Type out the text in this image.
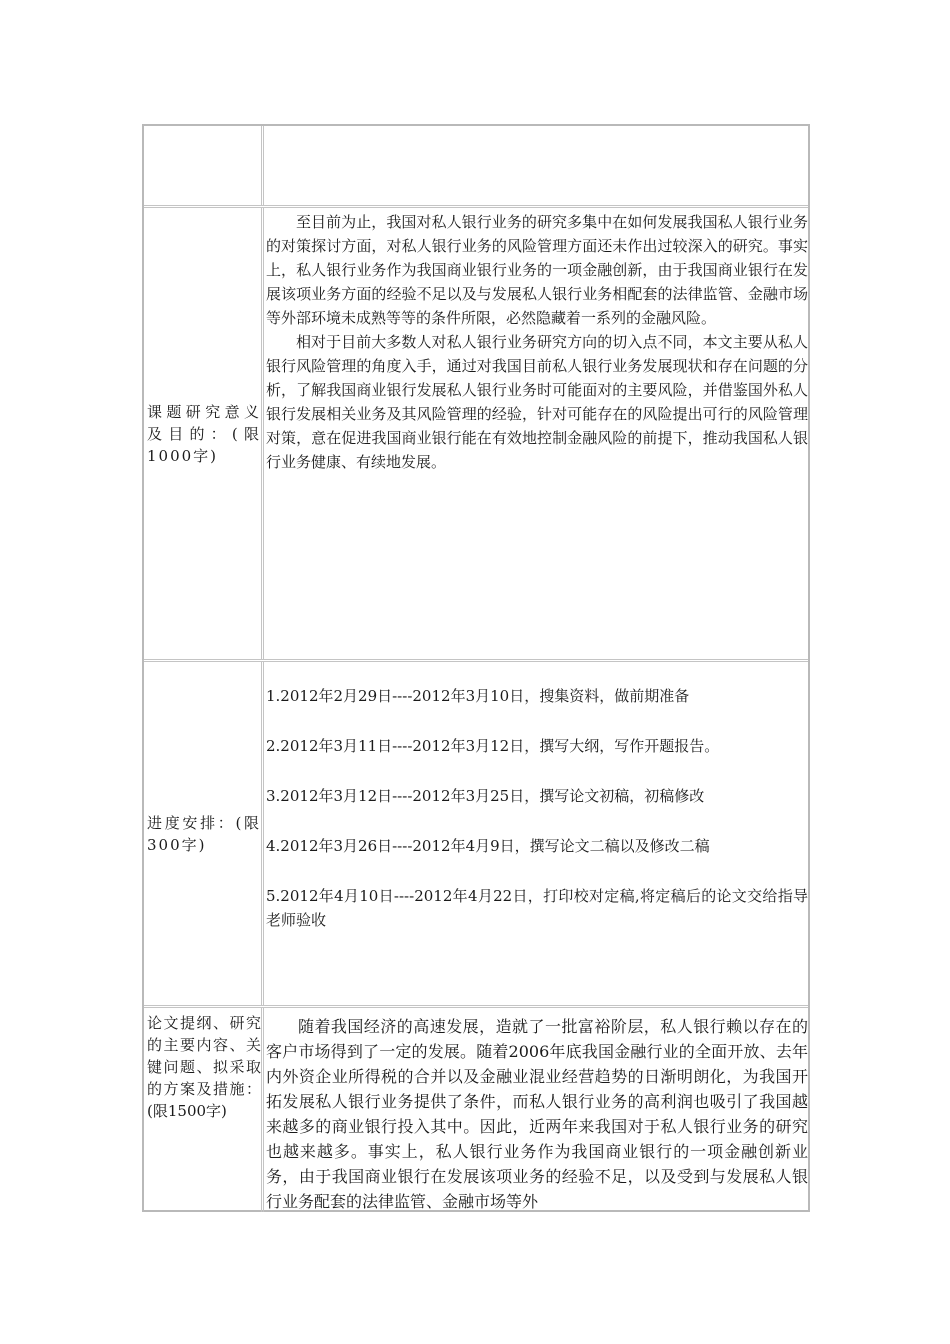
课题研究意义及目的：(限1000字)

至目前为止，我国对私人银行业务的研究多集中在如何发展我国私人银行业务的对策探讨方面，对私人银行业务的风险管理方面还未作出过较深入的研究。事实上，私人银行业务作为我国商业银行业务的一项金融创新，由于我国商业银行在发展该项业务方面的经验不足以及与发展私人银行业务相配套的法律监管、金融市场等外部环境未成熟等等的条件所限，必然隐藏着一系列的金融风险。

相对于目前大多数人对私人银行业务研究方向的切入点不同，本文主要从私人银行风险管理的角度入手，通过对我国目前私人银行业务发展现状和存在问题的分析，了解我国商业银行发展私人银行业务时可能面对的主要风险，并借鉴国外私人银行发展相关业务及其风险管理的经验，针对可能存在的风险提出可行的风险管理对策，意在促进我国商业银行能在有效地控制金融风险的前提下，推动我国私人银行业务健康、有续地发展。

进度安排：(限300字)

1.2012年2月29日----2012年3月10日，搜集资料，做前期准备

2.2012年3月11日----2012年3月12日，撰写大纲，写作开题报告。

3.2012年3月12日----2012年3月25日，撰写论文初稿，初稿修改

4.2012年3月26日----2012年4月9日，撰写论文二稿以及修改二稿

5.2012年4月10日----2012年4月22日，打印校对定稿,将定稿后的论文交给指导老师验收

论文提纲、研究的主要内容、关键问题、拟采取的方案及措施：(限1500字)

随着我国经济的高速发展，造就了一批富裕阶层，私人银行赖以存在的客户市场得到了一定的发展。随着2006年底我国金融行业的全面开放、去年内外资企业所得税的合并以及金融业混业经营趋势的日渐明朗化，为我国开拓发展私人银行业务提供了条件，而私人银行业务的高利润也吸引了我国越来越多的商业银行投入其中。因此，近两年来我国对于私人银行业务的研究也越来越多。事实上，私人银行业务作为我国商业银行的一项金融创新业务，由于我国商业银行在发展该项业务的经验不足，以及受到与发展私人银行业务配套的法律监管、金融市场等外
